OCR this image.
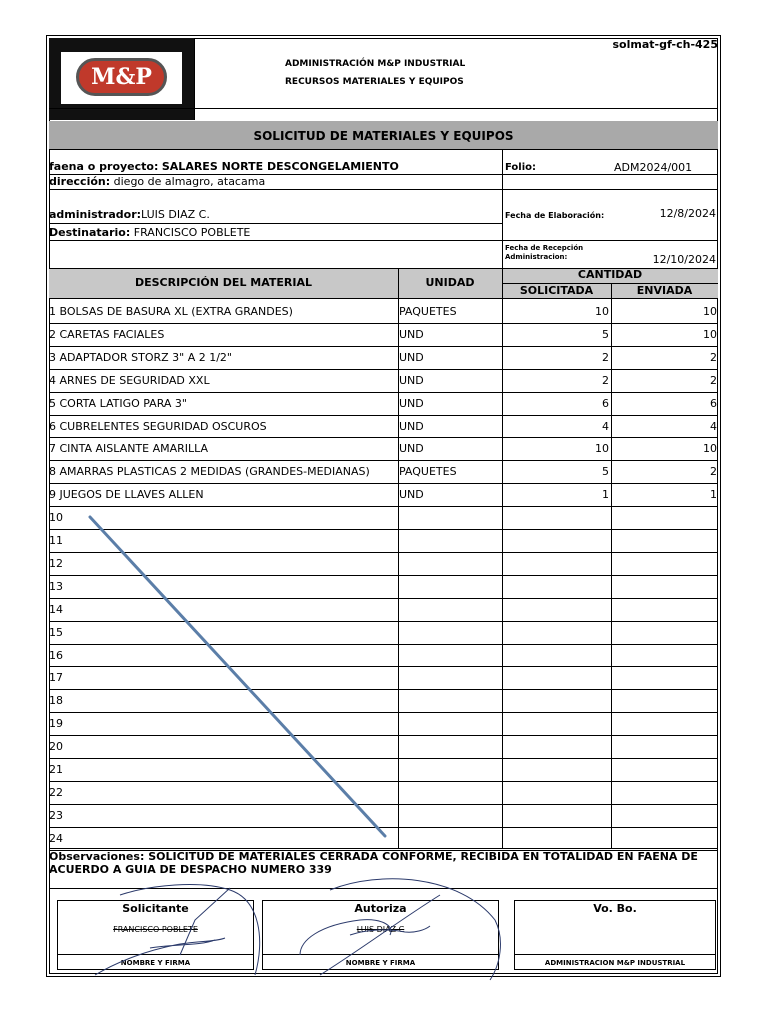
M&P
solmat-gf-ch-425
ADMINISTRACIÓN M&P INDUSTRIAL
RECURSOS MATERIALES Y EQUIPOS
SOLICITUD DE MATERIALES Y EQUIPOS
faena o proyecto: SALARES NORTE DESCONGELAMIENTO
dirección: diego de almagro, atacama
administrador:LUIS DIAZ C.
Destinatario: FRANCISCO POBLETE
Folio:	ADM2024/001
Fecha de Elaboración:	12/8/2024
Fecha de Recepción
Administracion:	12/10/2024
DESCRIPCIÓN DEL MATERIAL	UNIDAD
CANTIDAD
SOLICITADA	ENVIADA
1 BOLSAS DE BASURA XL (EXTRA GRANDES)	PAQUETES	10	10
2 CARETAS FACIALES	UND	5	10
3 ADAPTADOR STORZ 3" A 2 1/2"	UND	2	2
4 ARNES DE SEGURIDAD XXL	UND	2	2
5 CORTA LATIGO PARA 3"	UND	6	6
6 CUBRELENTES SEGURIDAD OSCUROS	UND	4	4
7 CINTA AISLANTE AMARILLA	UND	10	10
8 AMARRAS PLASTICAS 2 MEDIDAS (GRANDES-MEDIANAS)	PAQUETES	5	2
9 JUEGOS DE LLAVES ALLEN	UND	1	1
10
11
12
13
14
15
16
17
18
19
20
21
22
23
24
Observaciones: SOLICITUD DE MATERIALES CERRADA CONFORME, RECIBIDA EN TOTALIDAD EN FAENA DE
ACUERDO A GUIA DE DESPACHO NUMERO 339
Solicitante
FRANCISCO POBLETE
NOMBRE Y FIRMA
Autoriza
LUIS DIAZ C
NOMBRE Y FIRMA
Vo. Bo.
ADMINISTRACION M&P INDUSTRIAL
